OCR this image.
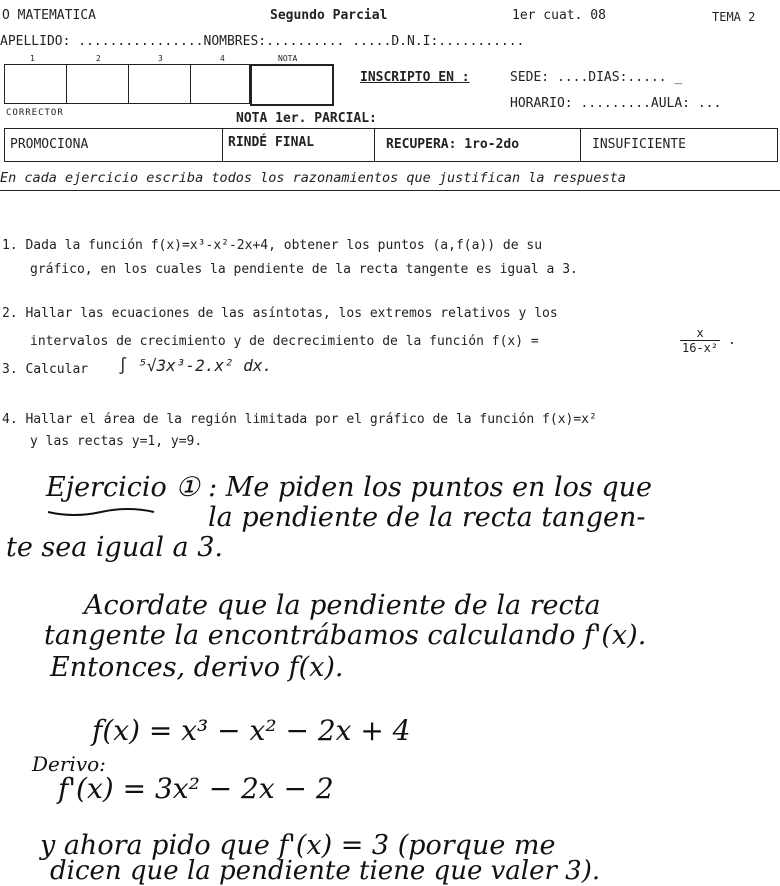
O MATEMATICA	Segundo Parcial	1er cuat. 08	TEMA 2
APELLIDO: ................NOMBRES:.......... .....D.N.I:...........
1	2	3	4	NOTA
CORRECTOR
INSCRIPTO EN :	SEDE: ....DIAS:..... _
HORARIO: .........AULA: ...
NOTA 1er. PARCIAL:
PROMOCIONA	RINDÉ FINAL	RECUPERA: 1ro-2do	INSUFICIENTE
En cada ejercicio escriba todos los razonamientos que justifican la respuesta
1. Dada la función f(x)=x³-x²-2x+4, obtener los puntos (a,f(a)) de su
gráfico, en los cuales la pendiente de la recta tangente es igual a 3.
2. Hallar las ecuaciones de las asíntotas, los extremos relativos y los
intervalos de crecimiento y de decrecimiento de la función f(x) =	$\frac{x}{\text{16-x²}}$ .
3. Calcular ∫ ⁵√3x³-2.x² dx.
4. Hallar el área de la región limitada por el gráfico de la función f(x)=x²
y las rectas y=1, y=9.
Ejercicio ① : Me piden los puntos en los que
la pendiente de la recta tangen-
te sea igual a 3.
Acordate que la pendiente de la recta
tangente la encontrábamos calculando f'(x).
Entonces, derivo f(x).
f(x) = x³ − x² − 2x + 4
Derivo:
f'(x) = 3x² − 2x − 2
y ahora pido que f'(x) = 3 (porque me
dicen que la pendiente tiene que valer 3).
